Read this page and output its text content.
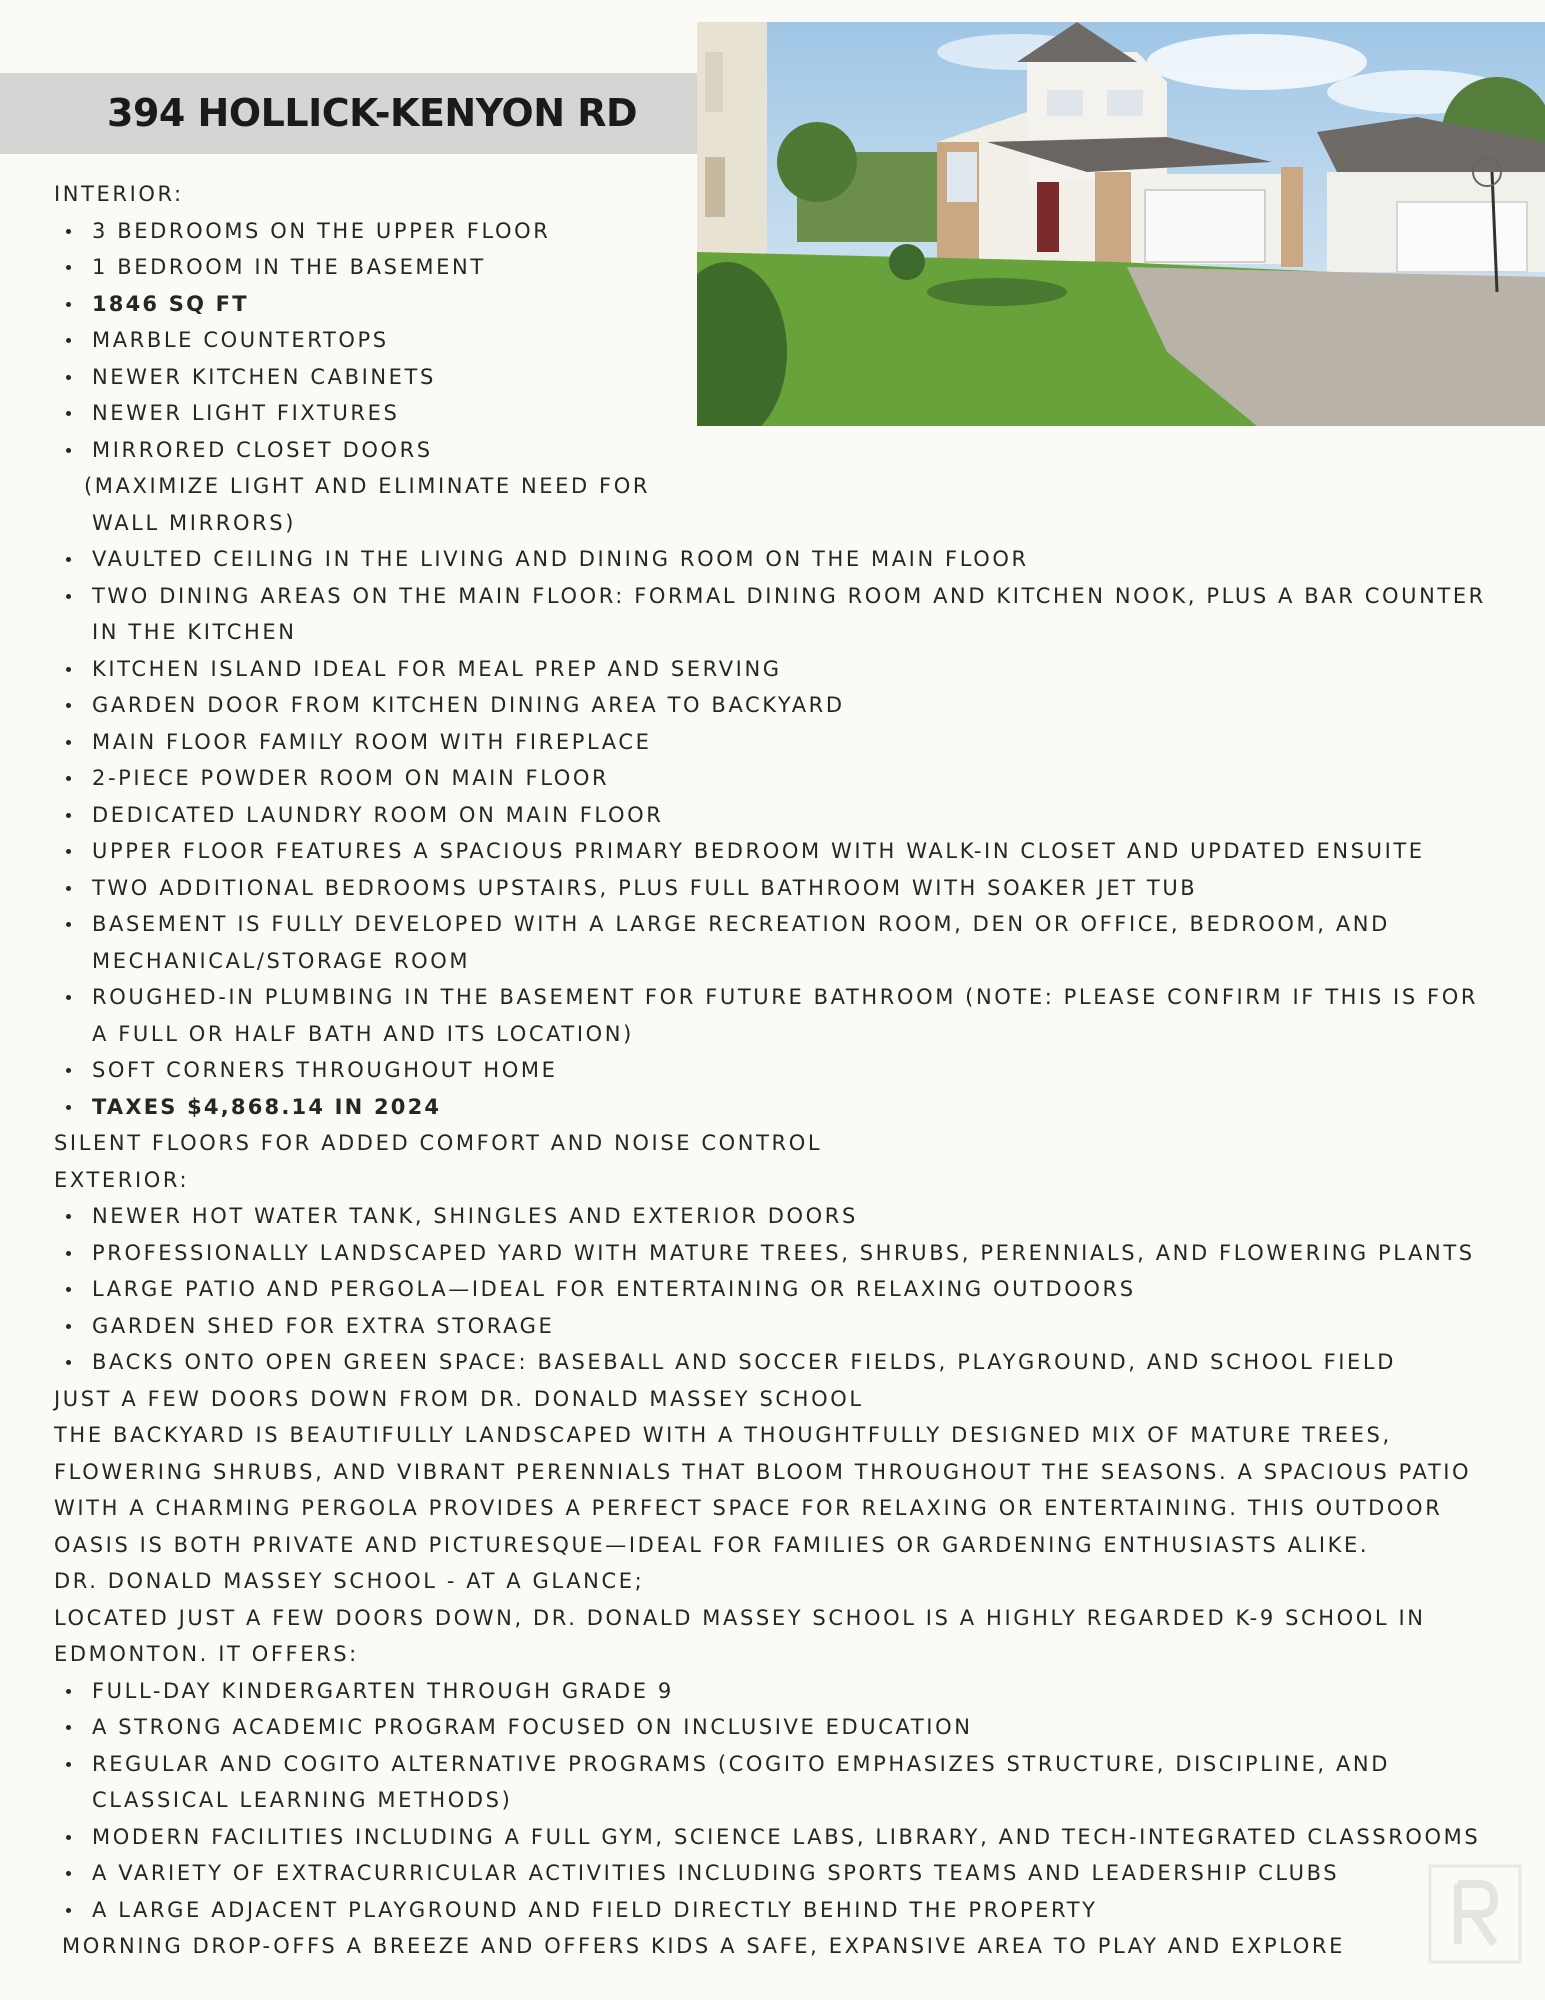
394 HOLLICK-KENYON RD

INTERIOR:

3 BEDROOMS ON THE UPPER FLOOR
1 BEDROOM IN THE BASEMENT
1846 SQ FT
MARBLE COUNTERTOPS
NEWER KITCHEN CABINETS
NEWER LIGHT FIXTURES
MIRRORED CLOSET DOORS
(MAXIMIZE LIGHT AND ELIMINATE NEED FOR
WALL MIRRORS)
VAULTED CEILING IN THE LIVING AND DINING ROOM ON THE MAIN FLOOR
TWO DINING AREAS ON THE MAIN FLOOR: FORMAL DINING ROOM AND KITCHEN NOOK, PLUS A BAR COUNTER IN THE KITCHEN
KITCHEN ISLAND IDEAL FOR MEAL PREP AND SERVING
GARDEN DOOR FROM KITCHEN DINING AREA TO BACKYARD
MAIN FLOOR FAMILY ROOM WITH FIREPLACE
2-PIECE POWDER ROOM ON MAIN FLOOR
DEDICATED LAUNDRY ROOM ON MAIN FLOOR
UPPER FLOOR FEATURES A SPACIOUS PRIMARY BEDROOM WITH WALK-IN CLOSET AND UPDATED ENSUITE
TWO ADDITIONAL BEDROOMS UPSTAIRS, PLUS FULL BATHROOM WITH SOAKER JET TUB
BASEMENT IS FULLY DEVELOPED WITH A LARGE RECREATION ROOM, DEN OR OFFICE, BEDROOM, AND MECHANICAL/STORAGE ROOM
ROUGHED-IN PLUMBING IN THE BASEMENT FOR FUTURE BATHROOM (NOTE: PLEASE CONFIRM IF THIS IS FOR A FULL OR HALF BATH AND ITS LOCATION)
SOFT CORNERS THROUGHOUT HOME
TAXES $4,868.14 IN 2024

SILENT FLOORS FOR ADDED COMFORT AND NOISE CONTROL

EXTERIOR:

NEWER HOT WATER TANK, SHINGLES AND EXTERIOR DOORS
PROFESSIONALLY LANDSCAPED YARD WITH MATURE TREES, SHRUBS, PERENNIALS, AND FLOWERING PLANTS
LARGE PATIO AND PERGOLA—IDEAL FOR ENTERTAINING OR RELAXING OUTDOORS
GARDEN SHED FOR EXTRA STORAGE
BACKS ONTO OPEN GREEN SPACE: BASEBALL AND SOCCER FIELDS, PLAYGROUND, AND SCHOOL FIELD

JUST A FEW DOORS DOWN FROM DR. DONALD MASSEY SCHOOL

THE BACKYARD IS BEAUTIFULLY LANDSCAPED WITH A THOUGHTFULLY DESIGNED MIX OF MATURE TREES,

FLOWERING SHRUBS, AND VIBRANT PERENNIALS THAT BLOOM THROUGHOUT THE SEASONS. A SPACIOUS PATIO

WITH A CHARMING PERGOLA PROVIDES A PERFECT SPACE FOR RELAXING OR ENTERTAINING. THIS OUTDOOR

OASIS IS BOTH PRIVATE AND PICTURESQUE—IDEAL FOR FAMILIES OR GARDENING ENTHUSIASTS ALIKE.

DR. DONALD MASSEY SCHOOL - AT A GLANCE;

LOCATED JUST A FEW DOORS DOWN, DR. DONALD MASSEY SCHOOL IS A HIGHLY REGARDED K-9 SCHOOL IN

EDMONTON. IT OFFERS:

FULL-DAY KINDERGARTEN THROUGH GRADE 9
A STRONG ACADEMIC PROGRAM FOCUSED ON INCLUSIVE EDUCATION
REGULAR AND COGITO ALTERNATIVE PROGRAMS (COGITO EMPHASIZES STRUCTURE, DISCIPLINE, AND CLASSICAL LEARNING METHODS)
MODERN FACILITIES INCLUDING A FULL GYM, SCIENCE LABS, LIBRARY, AND TECH-INTEGRATED CLASSROOMS
A VARIETY OF EXTRACURRICULAR ACTIVITIES INCLUDING SPORTS TEAMS AND LEADERSHIP CLUBS
A LARGE ADJACENT PLAYGROUND AND FIELD DIRECTLY BEHIND THE PROPERTY

MORNING DROP-OFFS A BREEZE AND OFFERS KIDS A SAFE, EXPANSIVE AREA TO PLAY AND EXPLORE
